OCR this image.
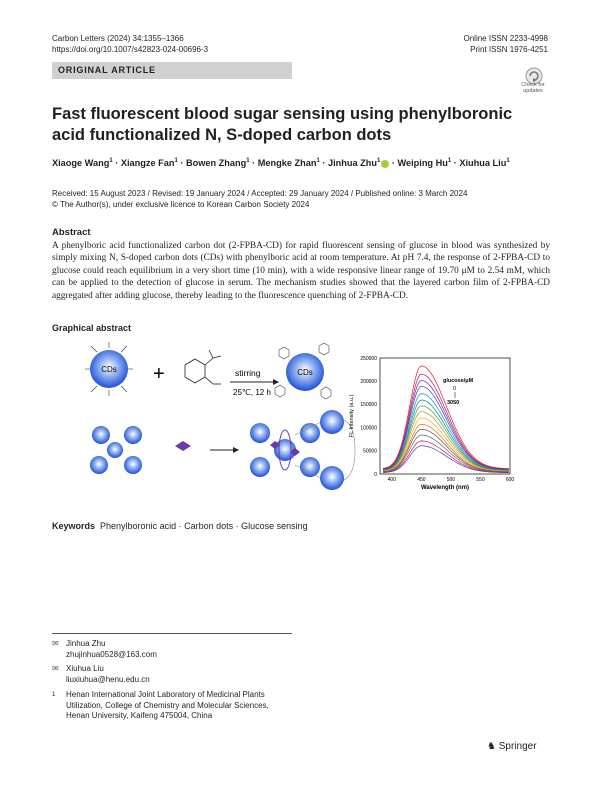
Carbon Letters (2024) 34:1355–1366
https://doi.org/10.1007/s42823-024-00696-3
Online ISSN 2233-4998
Print ISSN 1976-4251
ORIGINAL ARTICLE
Check for updates
Fast fluorescent blood sugar sensing using phenylboronic acid functionalized N, S-doped carbon dots
Xiaoge Wang$^1$ · Xiangze Fan$^1$ · Bowen Zhang$^1$ · Mengke Zhan$^1$ · Jinhua Zhu$^1$ · Weiping $Hu^1$ · Xiuhua Liu$^1$
Received: 15 August 2023 / Revised: 19 January 2024 / Accepted: 29 January 2024 / Published online: 3 March 2024
© The Author(s), under exclusive licence to Korean Carbon Society 2024
Abstract
A phenylboric acid functionalized carbon dot (2-FPBA-CD) for rapid fluorescent sensing of glucose in blood was synthesized by simply mixing N, S-doped carbon dots (CDs) with phenylboric acid at room temperature. At pH 7.4, the response of 2-FPBA-CD to glucose could reach equilibrium in a very short time (10 min), with a wide responsive linear range of 19.70 μM to 2.54 mM, which can be applied to the detection of glucose in serum. The mechanism studies showed that the layered carbon film of 2-FPBA-CD aggregated after adding glucose, thereby leading to the fluorescence quenching of 2-FPBA-CD.
Graphical abstract
CDs +	stirring
25℃, 12 h
CDs
FL Intensity (a.u.)
Wavelength (nm)
0
50000
100000
150000
200000
250000
400	450	500	550	600
glucose/μM
0
3050
Keywords Phenylboronic acid · Carbon dots · Glucose sensing
✉ Jinhua Zhu
zhujinhua0528@163.com
✉ Xiuhua Liu
liuxiuhua@henu.edu.cn
1 Henan International Joint Laboratory of Medicinal Plants
Utilization, College of Chemistry and Molecular Sciences,
Henan University, Kaifeng 475004, China
♞ Springer
